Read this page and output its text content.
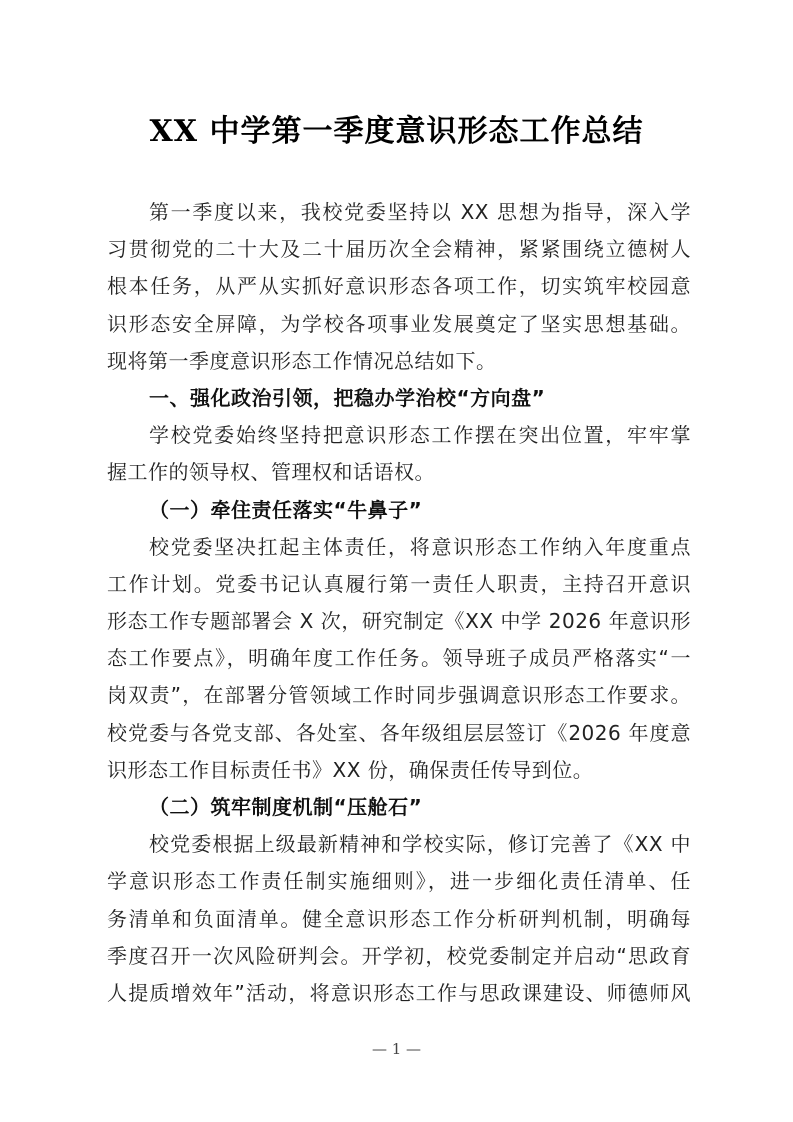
XX 中学第一季度意识形态工作总结
第一季度以来，我校党委坚持以 XX 思想为指导，深入学
习贯彻党的二十大及二十届历次全会精神，紧紧围绕立德树人
根本任务，从严从实抓好意识形态各项工作，切实筑牢校园意
识形态安全屏障，为学校各项事业发展奠定了坚实思想基础。
现将第一季度意识形态工作情况总结如下。
一、强化政治引领，把稳办学治校“方向盘”
学校党委始终坚持把意识形态工作摆在突出位置，牢牢掌
握工作的领导权、管理权和话语权。
（一）牵住责任落实“牛鼻子”
校党委坚决扛起主体责任，将意识形态工作纳入年度重点
工作计划。党委书记认真履行第一责任人职责，主持召开意识
形态工作专题部署会 X 次，研究制定《XX 中学 2026 年意识形
态工作要点》，明确年度工作任务。领导班子成员严格落实“一
岗双责”，在部署分管领域工作时同步强调意识形态工作要求。
校党委与各党支部、各处室、各年级组层层签订《2026 年度意
识形态工作目标责任书》XX 份，确保责任传导到位。
（二）筑牢制度机制“压舱石”
校党委根据上级最新精神和学校实际，修订完善了《XX 中
学意识形态工作责任制实施细则》，进一步细化责任清单、任
务清单和负面清单。健全意识形态工作分析研判机制，明确每
季度召开一次风险研判会。开学初，校党委制定并启动“思政育
人提质增效年”活动，将意识形态工作与思政课建设、师德师风
— 1 —
